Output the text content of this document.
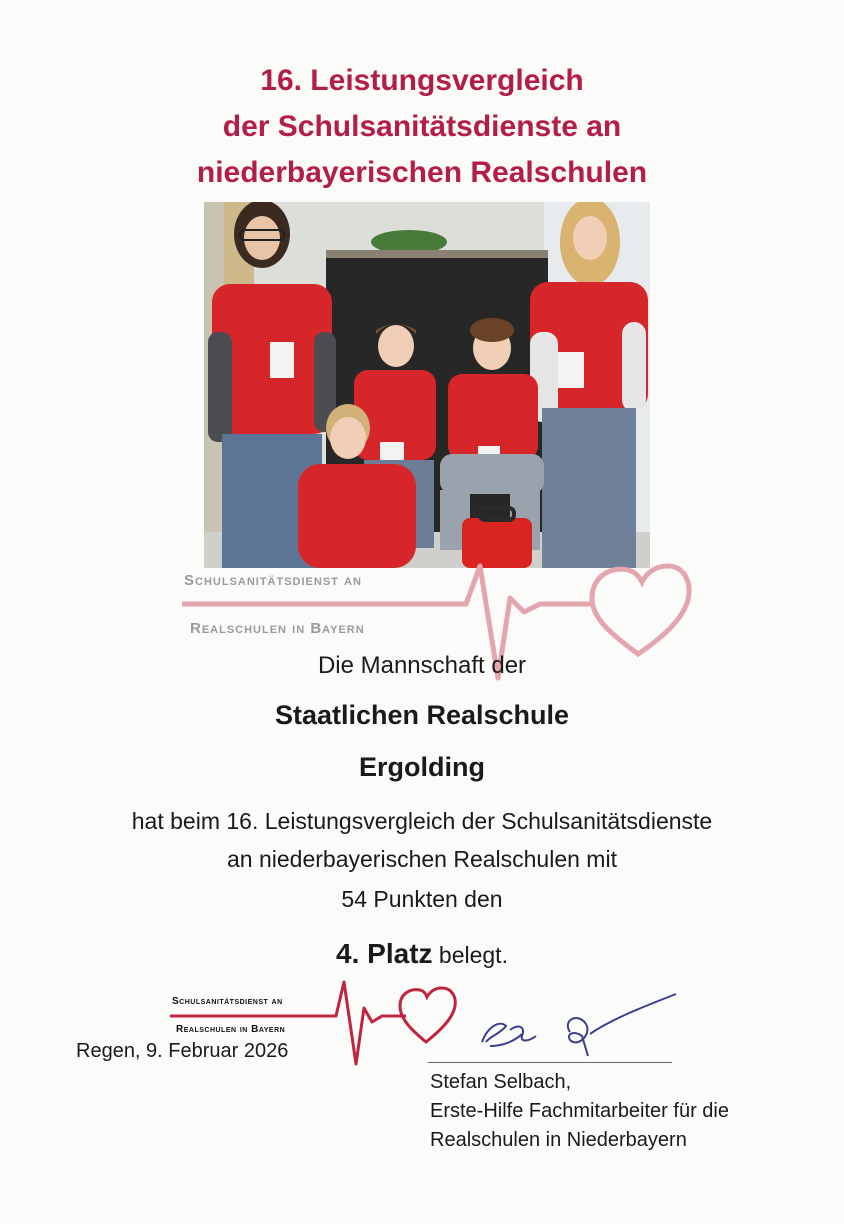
16. Leistungsvergleich
der Schulsanitätsdienste an
niederbayerischen Realschulen
Schulsanitätsdienst an
Realschulen in Bayern
Die Mannschaft der
Staatlichen Realschule
Ergolding
hat beim 16. Leistungsvergleich der Schulsanitätsdienste
an niederbayerischen Realschulen mit
54 Punkten den
4. Platz belegt.
Schulsanitätsdienst an
Realschulen in Bayern
Regen, 9. Februar 2026
Stefan Selbach,
Erste-Hilfe Fachmitarbeiter für die
Realschulen in Niederbayern
